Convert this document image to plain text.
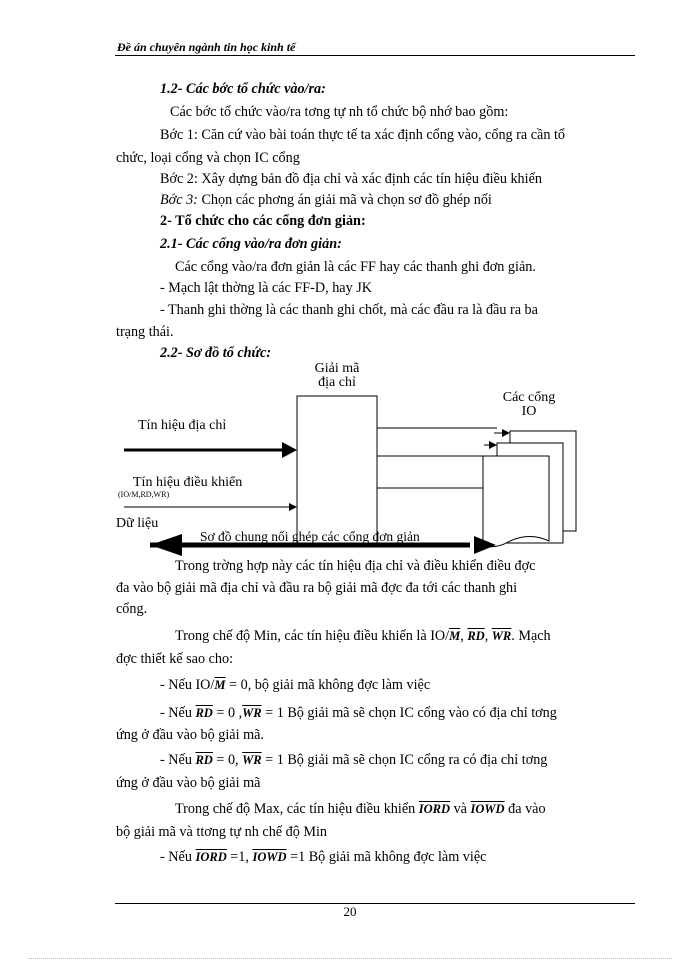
Đề án chuyên ngành tin học kinh tế
1.2- Các bớc tổ chức vào/ra:
Các bớc tổ chức vào/ra tơng tự nh tổ chức bộ nhớ bao gồm:
Bớc 1: Căn cứ vào bài toán thực tế ta xác định cổng vào, cổng ra cần tổ
chức, loại cổng và chọn IC cổng
Bớc 2: Xây dựng bản đồ địa chỉ và xác định các tín hiệu điều khiển
Bớc 3: Chọn các phơng án giải mã và chọn sơ đồ ghép nối
2- Tổ chức cho các cổng đơn giản:
2.1- Các cổng vào/ra đơn giản:
Các cổng vào/ra đơn giản là các FF hay các thanh ghi đơn giản.
- Mạch lật thờng là các FF-D, hay JK
- Thanh ghi thờng là các thanh ghi chốt, mà các đầu ra là đầu ra ba
trạng thái.
2.2- Sơ đồ tổ chức:
Giải mã
địa chỉ
Các cổng
IO
Tín hiệu địa chỉ
Tín hiệu điều khiển
(IO/M,RD,WR)
Dữ liệu
Sơ đồ chung nối ghép các cổng đơn giản
Trong trờng hợp này các tín hiệu địa chỉ và điều khiển điều đợc
đa vào bộ giải mã địa chỉ và đầu ra bộ giải mã đợc đa tới các thanh ghi
cổng.
Trong chế độ Min, các tín hiệu điều khiển là $IO/\overline{M}$, $\overline{RD}$, $\overline{WR}$. Mạch
đợc thiết kế sao cho:
- Nếu $IO/\overline{M} = 0$, bộ giải mã không đợc làm việc
- Nếu $\overline{RD} = 0$ $,\overline{WR} = 1$ Bộ giải mã sẽ chọn IC cổng vào có địa chỉ tơng
ứng ở đầu vào bộ giải mã.
- Nếu $\overline{RD} = 0$, $\overline{WR} = 1$ Bộ giải mã sẽ chọn IC cổng ra có địa chỉ tơng
ứng ở đầu vào bộ giải mã
Trong chế độ Max, các tín hiệu điều khiển IORD và IOWD đa vào
bộ giải mã và ttơng tự nh chế độ Min
- Nếu IORD =1, IOWD =1 Bộ giải mã không đợc làm việc
20
